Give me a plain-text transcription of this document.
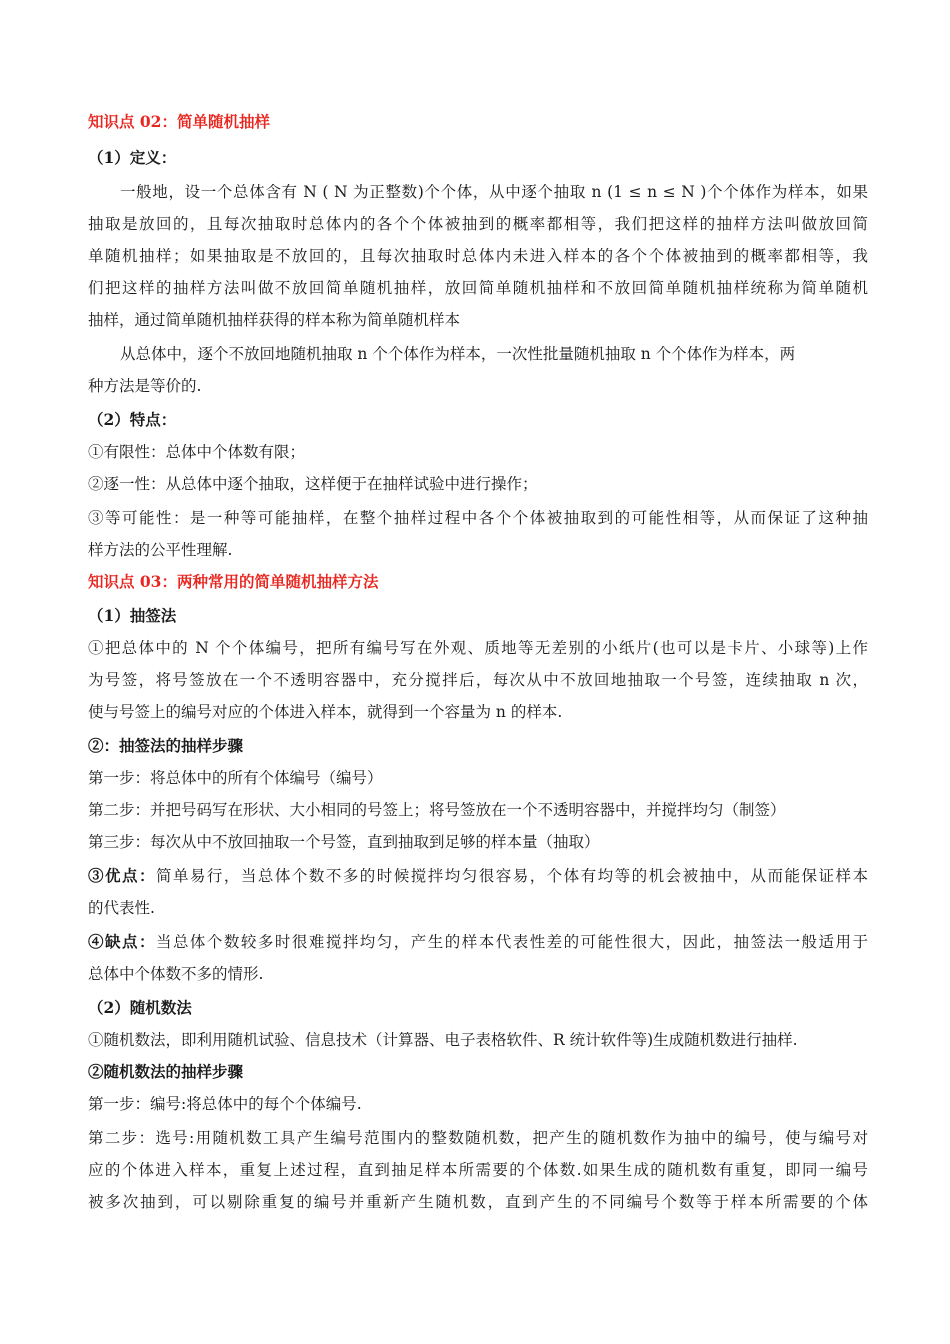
知识点 02：简单随机抽样
（1）定义：
一般地，设一个总体含有 N ( N 为正整数)个个体，从中逐个抽取 n (1 ≤ n ≤ N )个个体作为样本，如果
抽取是放回的，且每次抽取时总体内的各个个体被抽到的概率都相等，我们把这样的抽样方法叫做放回简
单随机抽样；如果抽取是不放回的，且每次抽取时总体内未进入样本的各个个体被抽到的概率都相等，我
们把这样的抽样方法叫做不放回简单随机抽样，放回简单随机抽样和不放回简单随机抽样统称为简单随机
抽样，通过简单随机抽样获得的样本称为简单随机样本
从总体中，逐个不放回地随机抽取 n 个个体作为样本，一次性批量随机抽取 n 个个体作为样本，两
种方法是等价的.
（2）特点：
①有限性：总体中个体数有限；
②逐一性：从总体中逐个抽取，这样便于在抽样试验中进行操作；
③等可能性：是一种等可能抽样，在整个抽样过程中各个个体被抽取到的可能性相等，从而保证了这种抽
样方法的公平性理解.
知识点 03：两种常用的简单随机抽样方法
（1）抽签法
①把总体中的 N 个个体编号，把所有编号写在外观、质地等无差别的小纸片(也可以是卡片、小球等)上作
为号签，将号签放在一个不透明容器中，充分搅拌后，每次从中不放回地抽取一个号签，连续抽取 n 次，
使与号签上的编号对应的个体进入样本，就得到一个容量为 n 的样本.
②：抽签法的抽样步骤
第一步：将总体中的所有个体编号（编号）
第二步：并把号码写在形状、大小相同的号签上；将号签放在一个不透明容器中，并搅拌均匀（制签）
第三步：每次从中不放回抽取一个号签，直到抽取到足够的样本量（抽取）
③优点：简单易行，当总体个数不多的时候搅拌均匀很容易，个体有均等的机会被抽中，从而能保证样本
的代表性.
④缺点：当总体个数较多时很难搅拌均匀，产生的样本代表性差的可能性很大，因此，抽签法一般适用于
总体中个体数不多的情形.
（2）随机数法
①随机数法，即利用随机试验、信息技术（计算器、电子表格软件、R 统计软件等)生成随机数进行抽样.
②随机数法的抽样步骤
第一步：编号:将总体中的每个个体编号.
第二步：选号:用随机数工具产生编号范围内的整数随机数，把产生的随机数作为抽中的编号，使与编号对
应的个体进入样本，重复上述过程，直到抽足样本所需要的个体数.如果生成的随机数有重复，即同一编号
被多次抽到，可以剔除重复的编号并重新产生随机数，直到产生的不同编号个数等于样本所需要的个体
